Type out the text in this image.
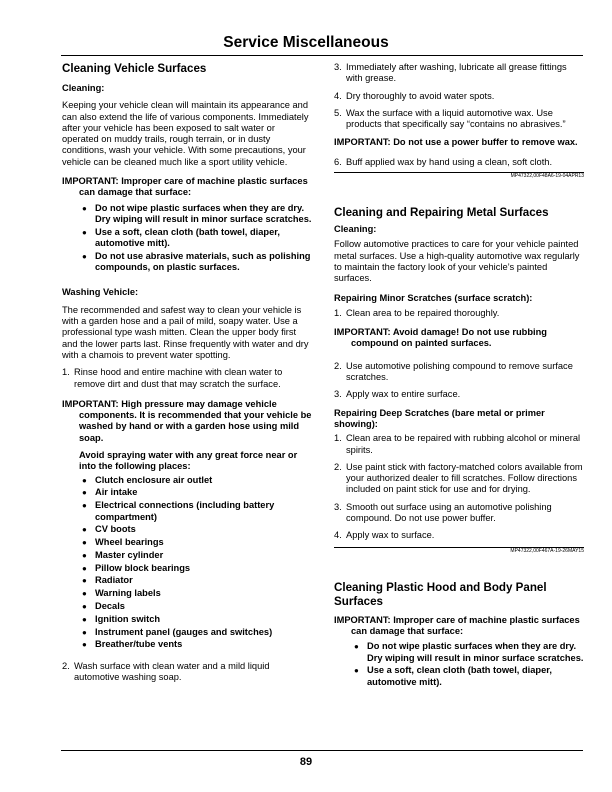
Service Miscellaneous

Cleaning Vehicle Surfaces

Cleaning:

Keeping your vehicle clean will maintain its appearance and can also extend the life of various components. Immediately after your vehicle has been exposed to salt water or operated on muddy trails, rough terrain, or in dusty conditions, wash your vehicle. With some precautions, your vehicle can be cleaned much like a sport utility vehicle.

IMPORTANT: Improper care of machine plastic surfaces can damage that surface:

● Do not wipe plastic surfaces when they are dry. Dry wiping will result in minor surface scratches.
● Use a soft, clean cloth (bath towel, diaper, automotive mitt).
● Do not use abrasive materials, such as polishing compounds, on plastic surfaces.

Washing Vehicle:

The recommended and safest way to clean your vehicle is with a garden hose and a pail of mild, soapy water. Use a professional type wash mitten. Clean the upper body first and the lower parts last. Rinse frequently with water and dry with a chamois to prevent water spotting.

1. Rinse hood and entire machine with clean water to remove dirt and dust that may scratch the surface.

IMPORTANT: High pressure may damage vehicle components. It is recommended that your vehicle be washed by hand or with a garden hose using mild soap.

Avoid spraying water with any great force near or into the following places:

● Clutch enclosure air outlet
● Air intake
● Electrical connections (including battery compartment)
● CV boots
● Wheel bearings
● Master cylinder
● Pillow block bearings
● Radiator
● Warning labels
● Decals
● Ignition switch
● Instrument panel (gauges and switches)
● Breather/tube vents
2. Wash surface with clean water and a mild liquid automotive washing soap.
3. Immediately after washing, lubricate all grease fittings with grease.
4. Dry thoroughly to avoid water spots.
5. Wax the surface with a liquid automotive wax. Use products that specifically say “contains no abrasives.”

IMPORTANT: Do not use a power buffer to remove wax.

6. Buff applied wax by hand using a clean, soft cloth.

MP47322,00F48A6-19-04APR13

Cleaning and Repairing Metal Surfaces

Cleaning:

Follow automotive practices to care for your vehicle painted metal surfaces. Use a high-quality automotive wax regularly to maintain the factory look of your vehicle’s painted surfaces.

Repairing Minor Scratches (surface scratch):

1. Clean area to be repaired thoroughly.

IMPORTANT: Avoid damage! Do not use rubbing compound on painted surfaces.

2. Use automotive polishing compound to remove surface scratches.
3. Apply wax to entire surface.

Repairing Deep Scratches (bare metal or primer showing):

1. Clean area to be repaired with rubbing alcohol or mineral spirits.
2. Use paint stick with factory-matched colors available from your authorized dealer to fill scratches. Follow directions included on paint stick for use and for drying.
3. Smooth out surface using an automotive polishing compound. Do not use power buffer.
4. Apply wax to surface.

MP47322,00F467A-19-26MAY15

Cleaning Plastic Hood and Body Panel Surfaces

IMPORTANT: Improper care of machine plastic surfaces can damage that surface:

● Do not wipe plastic surfaces when they are dry. Dry wiping will result in minor surface scratches.
● Use a soft, clean cloth (bath towel, diaper, automotive mitt).
89
